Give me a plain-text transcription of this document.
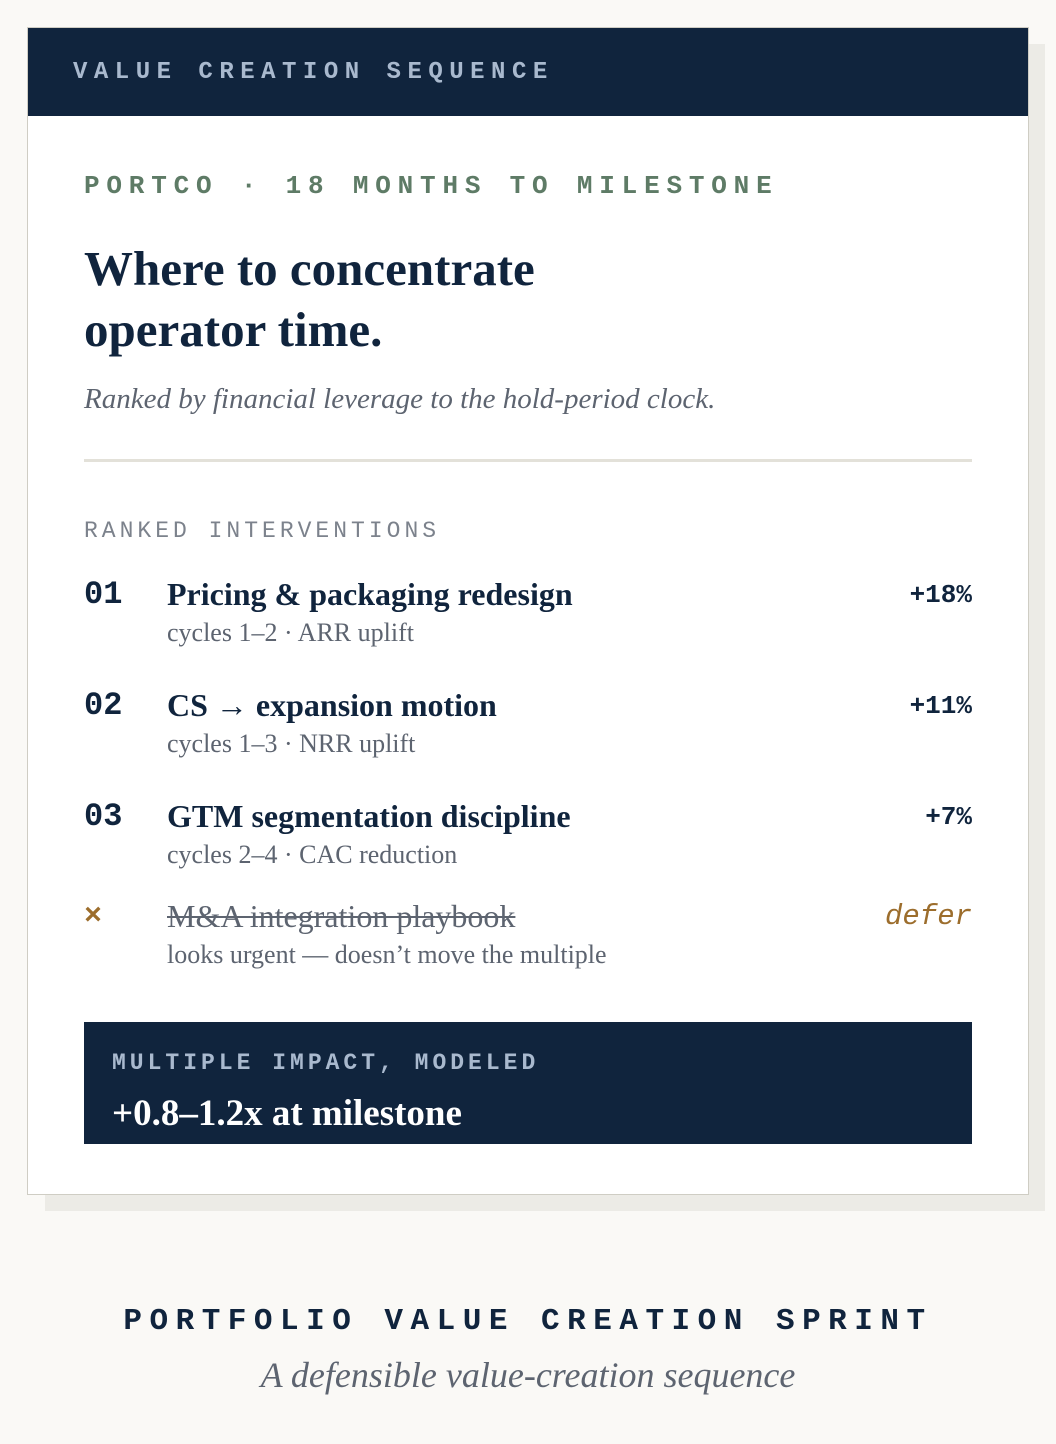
VALUE CREATION SEQUENCE
PORTCO · 18 MONTHS TO MILESTONE
Where to concentrate
operator time.
Ranked by financial leverage to the hold-period clock.
RANKED INTERVENTIONS
01 Pricing & packaging redesign
cycles 1–2 · ARR uplift
+18%
02 CS → expansion motion
cycles 1–3 · NRR uplift
+11%
03 GTM segmentation discipline
cycles 2–4 · CAC reduction
+7%
× M&A integration playbook
looks urgent — doesn’t move the multiple
defer
MULTIPLE IMPACT, MODELED
+0.8–1.2x at milestone
PORTFOLIO VALUE CREATION SPRINT
A defensible value-creation sequence
